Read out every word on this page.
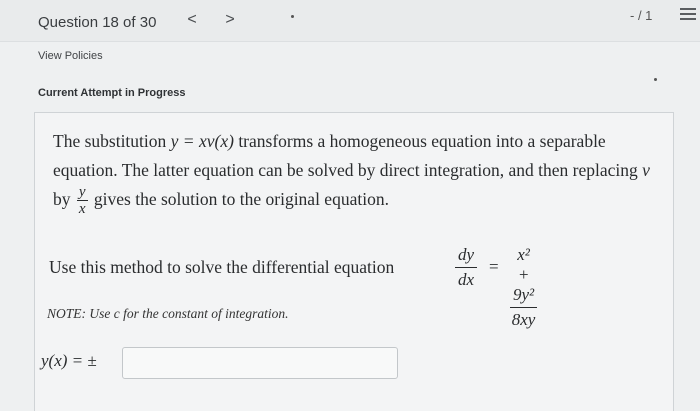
Question 18 of 30 < >	- / 1
View Policies
Current Attempt in Progress
The substitution y = xv(x) transforms a homogeneous equation into a separable equation. The latter equation can be solved by direct integration, and then replacing v by $\frac{y}{x}$ gives the solution to the original equation.
Use this method to solve the differential equation	$\frac{dy}{dx} = \frac{\text{x² + 9y²}}{8xy}$
NOTE: Use c for the constant of integration.
y(x) = ±
